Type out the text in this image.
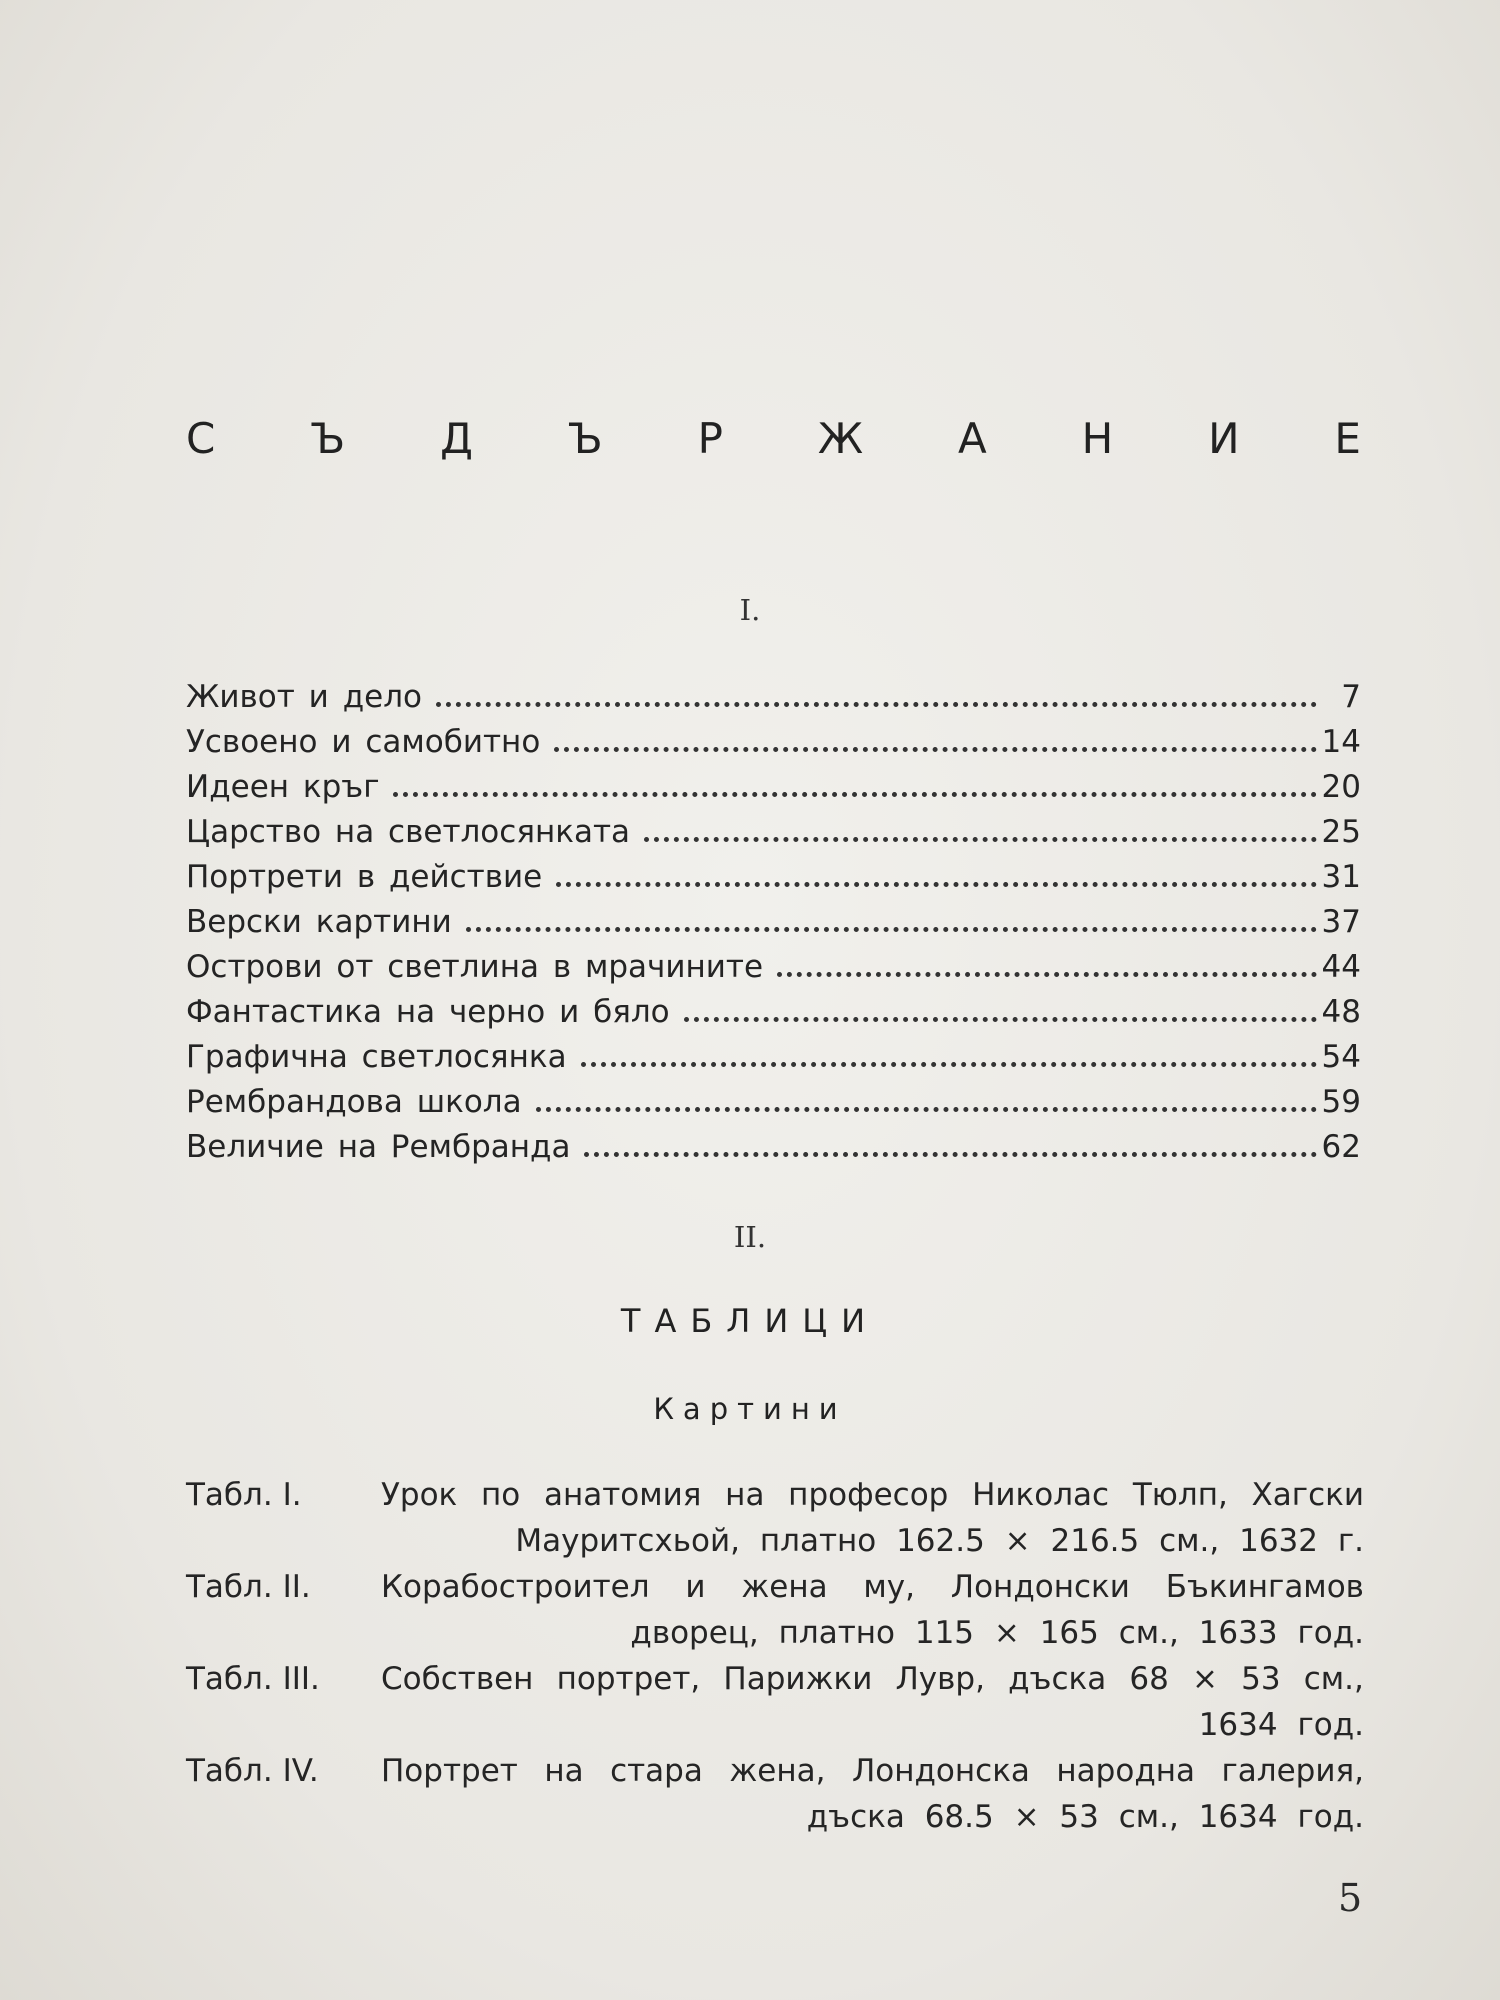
С Ъ Д Ъ Р Ж А Н И Е
I.
Живот и дело	7
Усвоено и самобитно	14
Идеен кръг	20
Царство на светлосянката	25
Портрети в действие	31
Верски картини	37
Острови от светлина в мрачините	44
Фантастика на черно и бяло	48
Графична светлосянка	54
Рембрандова школа	59
Величие на Рембранда	62
II.
ТАБЛИЦИ
Картини
Табл. I.	Урок по анатомия на професор Николас Тюлп, Хагски
Мауритсхьой, платно 162.5 × 216.5 см., 1632 г.
Табл. II. Корабостроител и жена му, Лондонски Бъкингамов
дворец, платно 115 × 165 см., 1633 год.
Табл. III. Собствен портрет, Парижки Лувр, дъска 68 × 53 см.,
1634 год.
Табл. IV. Портрет на стара жена, Лондонска народна галерия,
дъска 68.5 × 53 см., 1634 год.
5
